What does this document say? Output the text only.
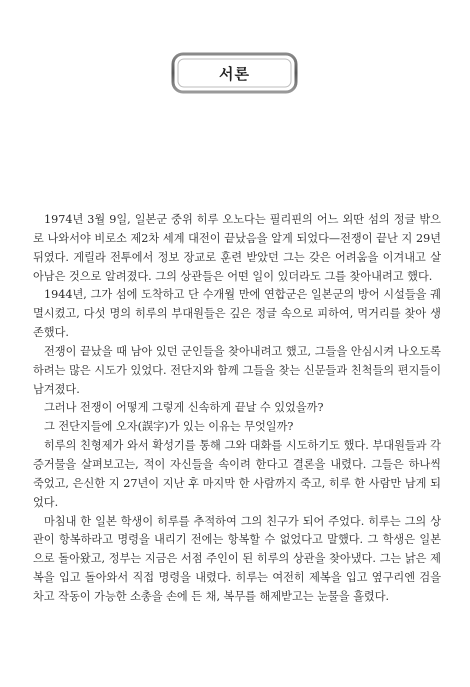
서론

1974년 3월 9일, 일본군 중위 히루 오노다는 필리핀의 어느 외딴 섬의 정글 밖으로 나와서야 비로소 제2차 세계 대전이 끝났음을 알게 되었다—전쟁이 끝난 지 29년 뒤였다. 게릴라 전투에서 정보 장교로 훈련 받았던 그는 갖은 어려움을 이겨내고 살아남은 것으로 알려졌다. 그의 상관들은 어떤 일이 있더라도 그를 찾아내려고 했다.

1944년, 그가 섬에 도착하고 단 수개월 만에 연합군은 일본군의 방어 시설들을 궤멸시켰고, 다섯 명의 히루의 부대원들은 깊은 정글 속으로 피하여, 먹거리를 찾아 생존했다.

전쟁이 끝났을 때 남아 있던 군인들을 찾아내려고 했고, 그들을 안심시켜 나오도록 하려는 많은 시도가 있었다. 전단지와 함께 그들을 찾는 신문들과 친척들의 편지들이 남겨졌다.

그러나 전쟁이 어떻게 그렇게 신속하게 끝날 수 있었을까?

그 전단지들에 오자(誤字)가 있는 이유는 무엇일까?

히루의 친형제가 와서 확성기를 통해 그와 대화를 시도하기도 했다. 부대원들과 각 증거물을 살펴보고는, 적이 자신들을 속이려 한다고 결론을 내렸다. 그들은 하나씩 죽었고, 은신한 지 27년이 지난 후 마지막 한 사람까지 죽고, 히루 한 사람만 남게 되었다.

마침내 한 일본 학생이 히루를 추적하여 그의 친구가 되어 주었다. 히루는 그의 상관이 항복하라고 명령을 내리기 전에는 항복할 수 없었다고 말했다. 그 학생은 일본으로 돌아왔고, 정부는 지금은 서점 주인이 된 히루의 상관을 찾아냈다. 그는 낡은 제복을 입고 돌아와서 직접 명령을 내렸다. 히루는 여전히 제복을 입고 옆구리엔 검을 차고 작동이 가능한 소총을 손에 든 채, 복무를 해제받고는 눈물을 흘렸다.
